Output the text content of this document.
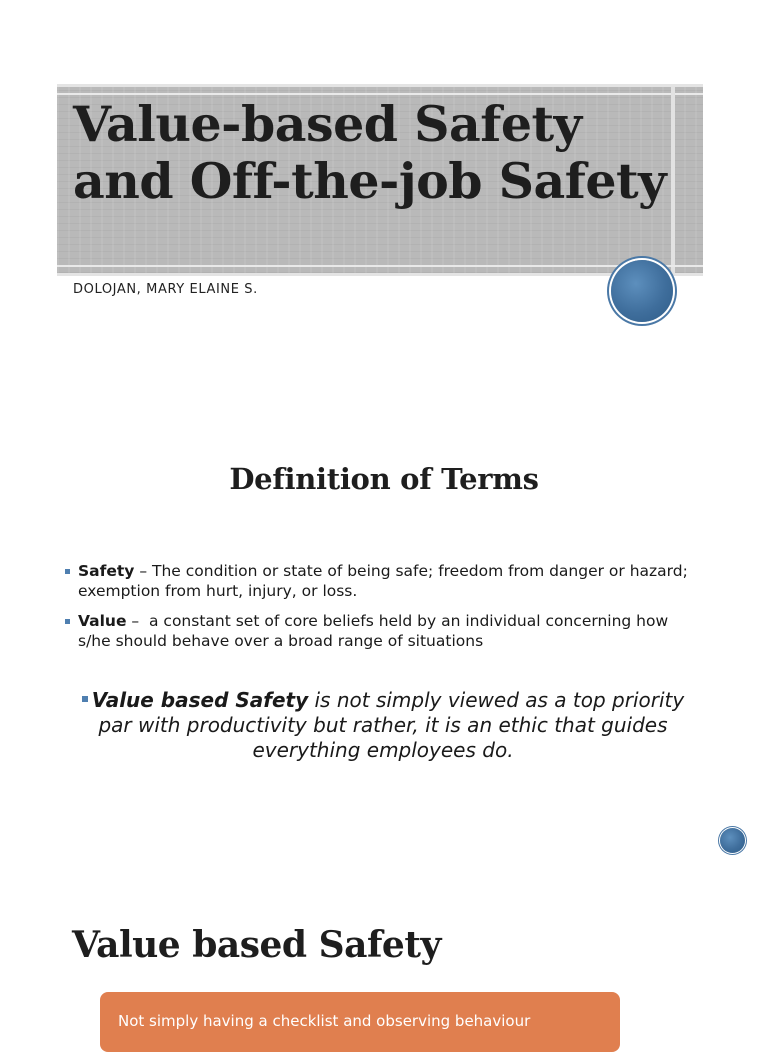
Value-based Safety and Off-the-job Safety

DOLOJAN, MARY ELAINE S.

Definition of Terms
Safety – The condition or state of being safe; freedom from danger or hazard; exemption from hurt, injury, or loss.
Value –  a constant set of core beliefs held by an individual concerning how s/he should behave over a broad range of situations

Value based Safety is not simply viewed as a top priority par with productivity but rather, it is an ethic that guides everything employees do.

Value based Safety

Not simply having a checklist and observing behaviour
